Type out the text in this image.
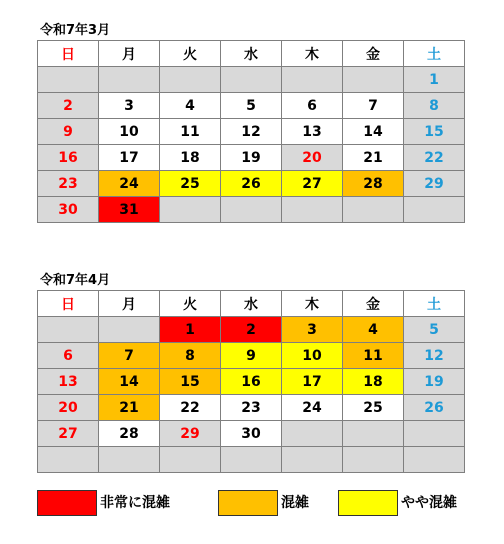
令和7年3月
日	月	火	水	木	金	土
						1
2	3	4	5	6	7	8
9	10	11	12	13	14	15
16	17	18	19	20	21	22
23	24	25	26	27	28	29
30	31					
令和7年4月
日	月	火	水	木	金	土
		1	2	3	4	5
6	7	8	9	10	11	12
13	14	15	16	17	18	19
20	21	22	23	24	25	26
27	28	29	30			

非常に混雑	混雑	やや混雑
